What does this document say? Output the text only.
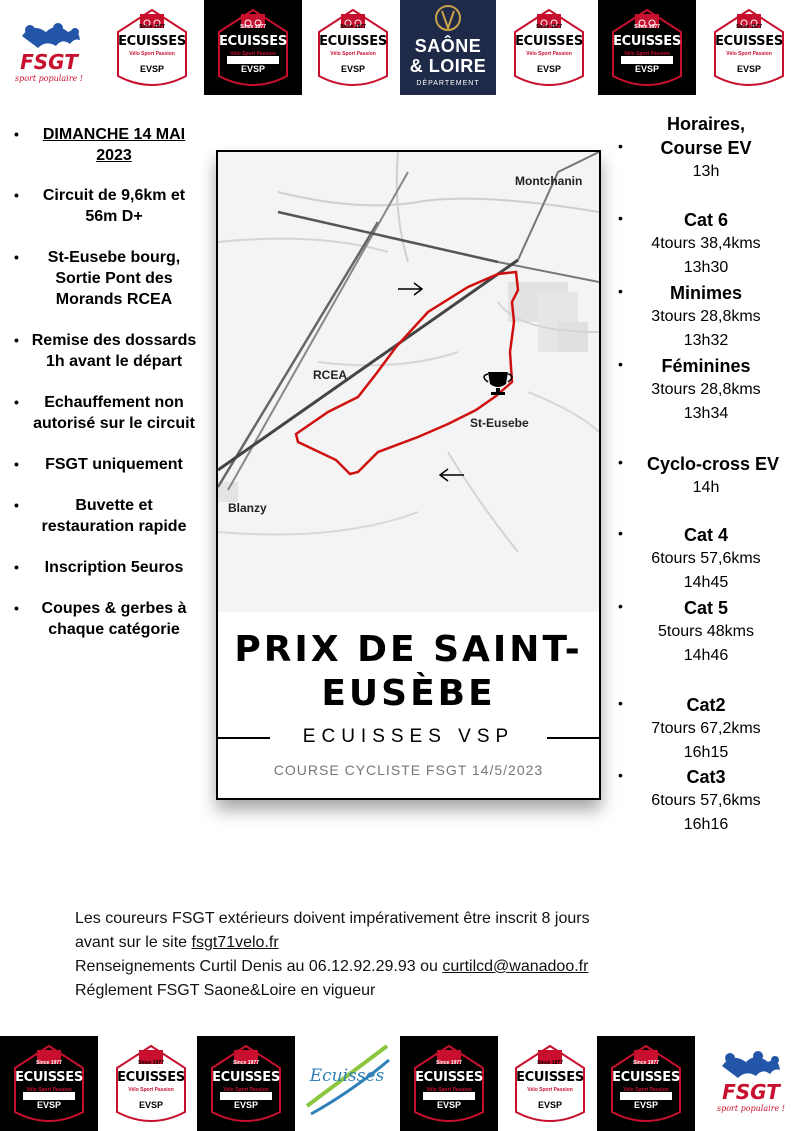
FSGT
sport populaire !
Since 1977
ECUISSES
Vélo Sport Passion
EVSP
Since 1977
ECUISSES
Vélo Sport Passion
EVSP
Since 1977
ECUISSES
Vélo Sport Passion
EVSP
SAÔNE
& LOIRE
DÉPARTEMENT
Since 1977
ECUISSES
Vélo Sport Passion
EVSP
Since 1977
ECUISSES
Vélo Sport Passion
EVSP
Since 1977
ECUISSES
Vélo Sport Passion
EVSP
• DIMANCHE 14 MAI 2023
• Circuit de 9,6km et 56m D+
• St-Eusebe bourg, Sortie Pont des Morands RCEA
• Remise des dossards 1h avant le départ
• Echauffement non autorisé sur le circuit
• FSGT uniquement
• Buvette et restauration rapide
• Inscription 5euros
• Coupes & gerbes à chaque catégorie
Montchanin
RCEA
St-Eusebe
Blanzy
PRIX DE SAINT-
EUSÈBE
ECUISSES VSP
COURSE CYCLISTE FSGT 14/5/2023
•
Horaires, Course EV
13h
•	Cat 6
4tours 38,4kms
13h30
•	Minimes
3tours 28,8kms
13h32
•	Féminines
3tours 28,8kms
13h34
•	Cyclo-cross EV
14h
•	Cat 4
6tours 57,6kms
14h45
•	Cat 5
5tours 48kms
14h46
•	Cat2
7tours 67,2kms
16h15
•	Cat3
6tours 57,6kms
16h16
Les coureurs FSGT extérieurs doivent impérativement être inscrit 8 jours
avant sur le site fsgt71velo.fr
Renseignements Curtil Denis au 06.12.92.29.93 ou curtilcd@wanadoo.fr
Réglement FSGT Saone&Loire en vigueur
Since 1977
ECUISSES
Vélo Sport Passion
EVSP
Since 1977
ECUISSES
Vélo Sport Passion
EVSP
Since 1977
ECUISSES
Vélo Sport Passion
EVSP
Ecuisses
Since 1977
ECUISSES
Vélo Sport Passion
EVSP
Since 1977
ECUISSES
Vélo Sport Passion
EVSP
Since 1977
ECUISSES
Vélo Sport Passion
EVSP
FSGT
sport populaire !
